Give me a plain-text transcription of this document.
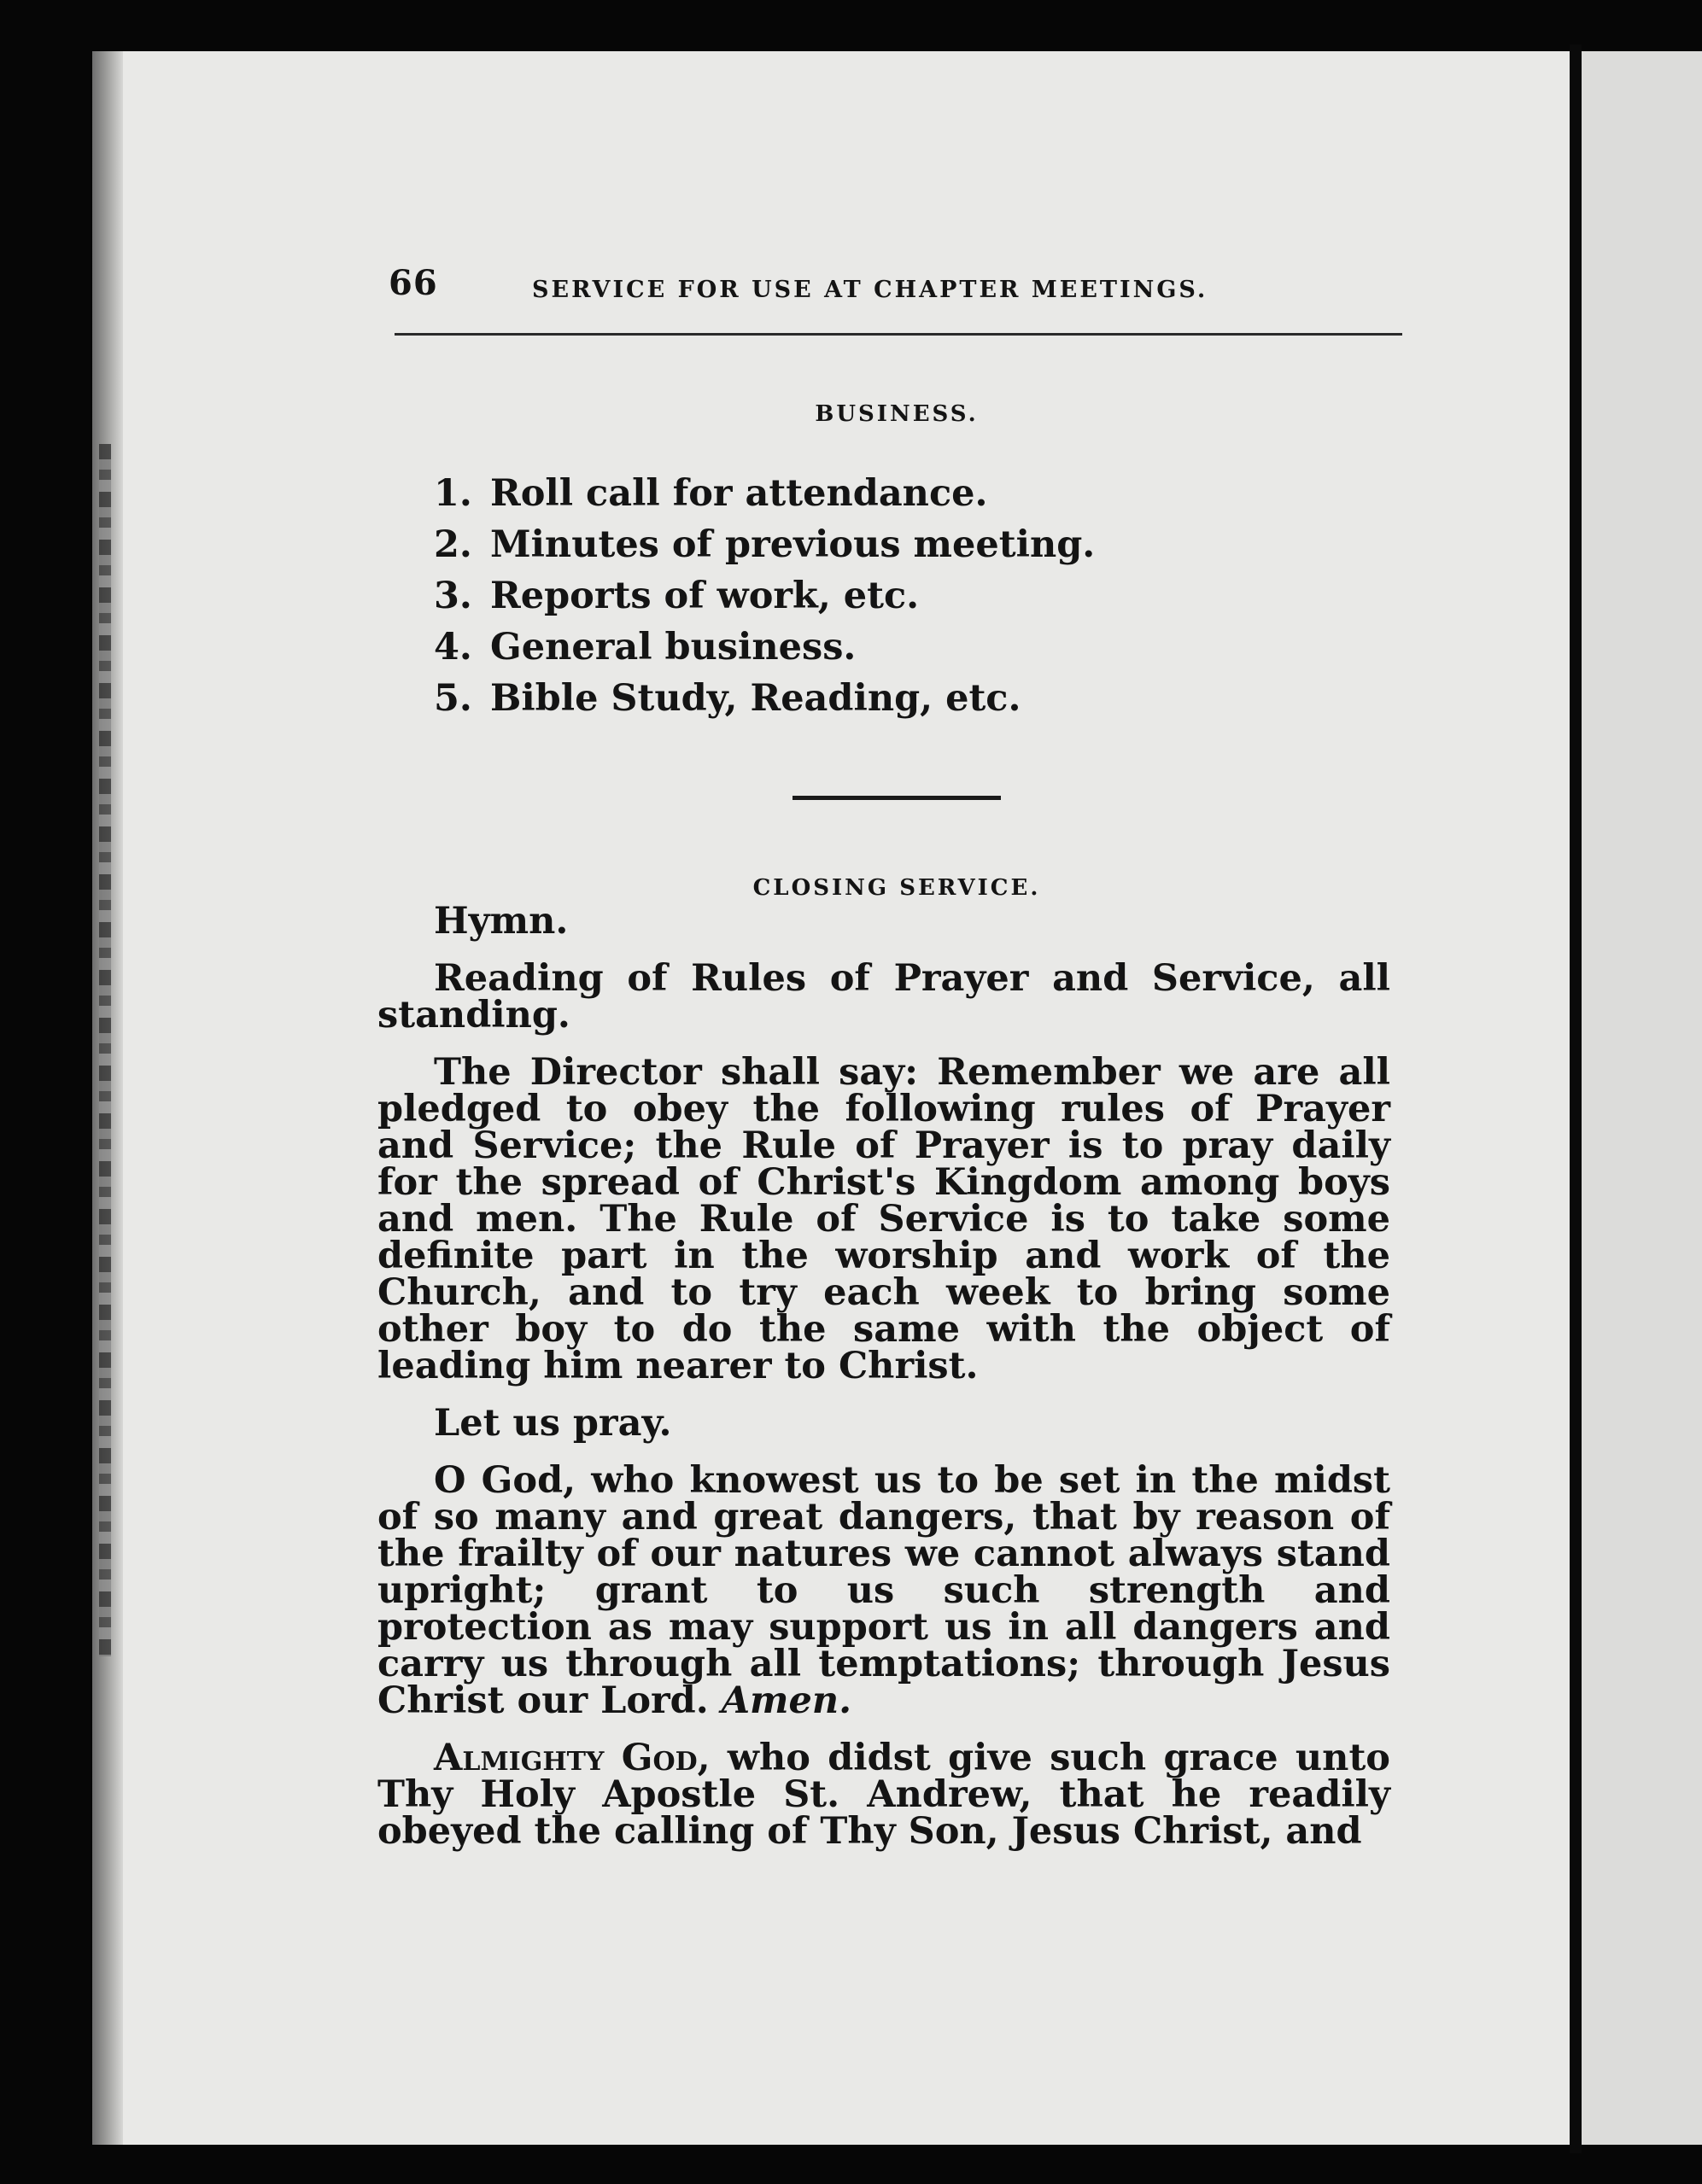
66	SERVICE FOR USE AT CHAPTER MEETINGS.
BUSINESS.
1. Roll call for attendance.
2. Minutes of previous meeting.
3. Reports of work, etc.
4. General business.
5. Bible Study, Reading, etc.
CLOSING SERVICE.

Hymn.

Reading of Rules of Prayer and Service, all standing.

The Director shall say: Remember we are all pledged to obey the following rules of Prayer and Service; the Rule of Prayer is to pray daily for the spread of Christ's Kingdom among boys and men. The Rule of Service is to take some definite part in the worship and work of the Church, and to try each week to bring some other boy to do the same with the object of leading him nearer to Christ.

Let us pray.

O God, who knowest us to be set in the midst of so many and great dangers, that by reason of the frailty of our natures we cannot always stand upright; grant to us such strength and protection as may support us in all dangers and carry us through all temptations; through Jesus Christ our Lord. Amen.

Almighty God, who didst give such grace unto Thy Holy Apostle St. Andrew, that he readily obeyed the calling of Thy Son, Jesus Christ, and
